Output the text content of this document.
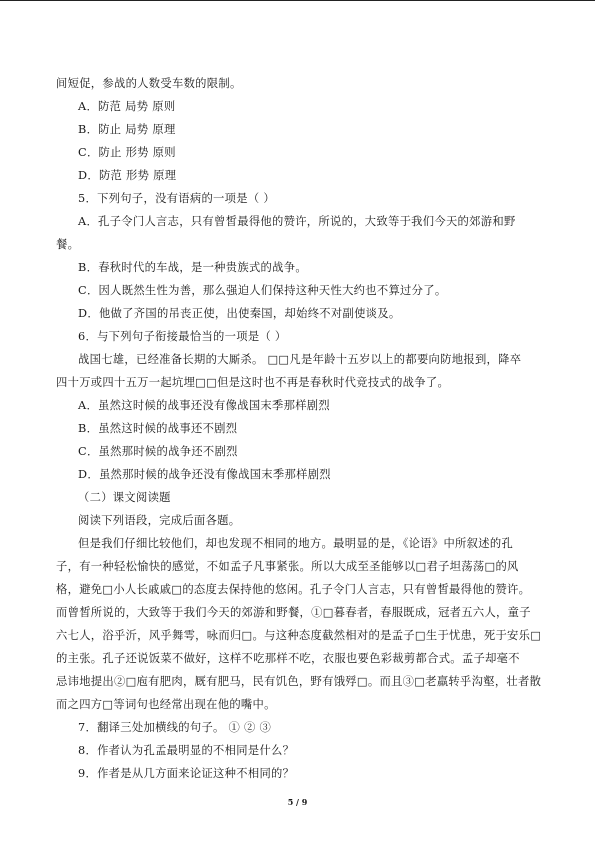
间短促，参战的人数受车数的限制。
A．防范 局势 原则
B．防止 局势 原理
C．防止 形势 原则
D．防范 形势 原理
5．下列句子，没有语病的一项是（ ）
A．孔子令门人言志，只有曾皙最得他的赞许，所说的，大致等于我们今天的郊游和野
餐。
B．春秋时代的车战，是一种贵族式的战争。
C．因人既然生性为善，那么强迫人们保持这种天性大约也不算过分了。
D．他做了齐国的吊丧正使，出使秦国，却始终不对副使谈及。
6．与下列句子衔接最恰当的一项是（ ）
战国七雄，已经准备长期的大厮杀。 □□凡是年龄十五岁以上的都要向防地报到，降卒
四十万或四十五万一起坑埋□□但是这时也不再是春秋时代竞技式的战争了。
A．虽然这时候的战事还没有像战国末季那样剧烈
B．虽然这时候的战事还不剧烈
C．虽然那时候的战争还不剧烈
D．虽然那时候的战争还没有像战国末季那样剧烈
（二）课文阅读题
阅读下列语段，完成后面各题。
但是我们仔细比较他们，却也发现不相同的地方。最明显的是，《论语》中所叙述的孔
子，有一种轻松愉快的感觉，不如孟子凡事紧张。所以大成至圣能够以□君子坦荡荡□的风
格，避免□小人长戚戚□的态度去保持他的悠闲。孔子令门人言志，只有曾皙最得他的赞许。
而曾皙所说的，大致等于我们今天的郊游和野餐，①□暮春者，春服既成，冠者五六人，童子
六七人，浴乎沂，风乎舞雩，咏而归□。与这种态度截然相对的是孟子□生于忧患，死于安乐□
的主张。孔子还说饭菜不做好，这样不吃那样不吃，衣服也要色彩裁剪都合式。孟子却毫不
忌讳地提出②□庖有肥肉，厩有肥马，民有饥色，野有饿殍□。而且③□老羸转乎沟壑，壮者散
而之四方□等词句也经常出现在他的嘴中。
7．翻译三处加横线的句子。 ① ② ③
8．作者认为孔孟最明显的不相同是什么？
9．作者是从几方面来论证这种不相同的？
5 / 9
